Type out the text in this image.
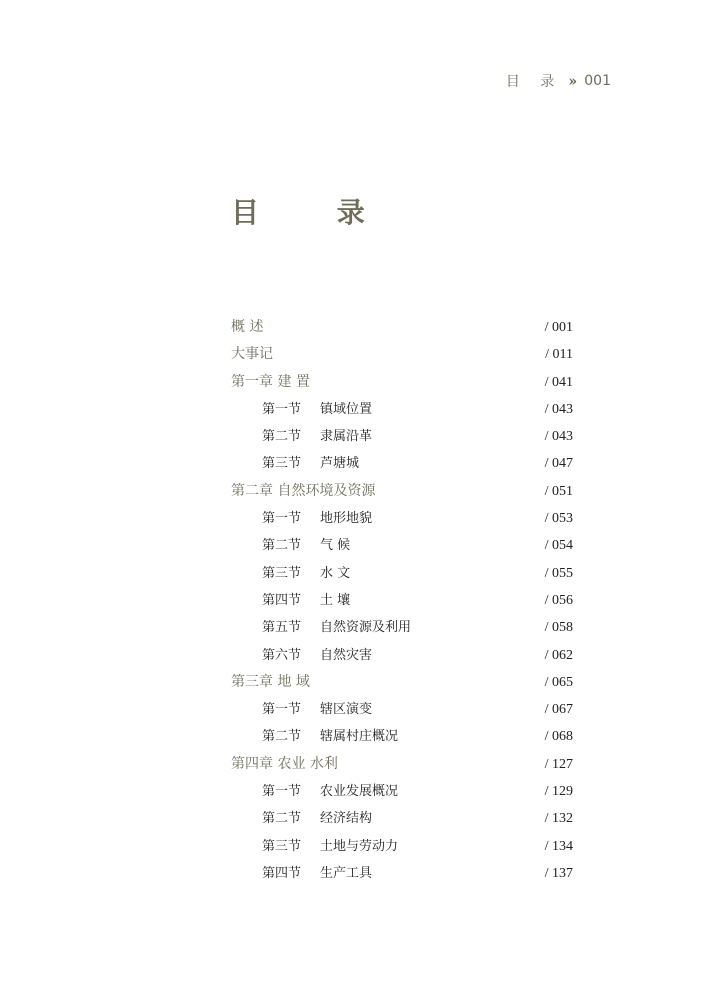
目 录 ›› 001
目 录
概 述	/ 001
大事记	/ 011
第一章 建 置	/ 041
第一节 镇域位置	/ 043
第二节 隶属沿革	/ 043
第三节 芦塘城	/ 047
第二章 自然环境及资源	/ 051
第一节 地形地貌	/ 053
第二节 气 候	/ 054
第三节 水 文	/ 055
第四节 土 壤	/ 056
第五节 自然资源及利用	/ 058
第六节 自然灾害	/ 062
第三章 地 域	/ 065
第一节 辖区演变	/ 067
第二节 辖属村庄概况	/ 068
第四章 农业 水利	/ 127
第一节 农业发展概况	/ 129
第二节 经济结构	/ 132
第三节 土地与劳动力	/ 134
第四节 生产工具	/ 137
